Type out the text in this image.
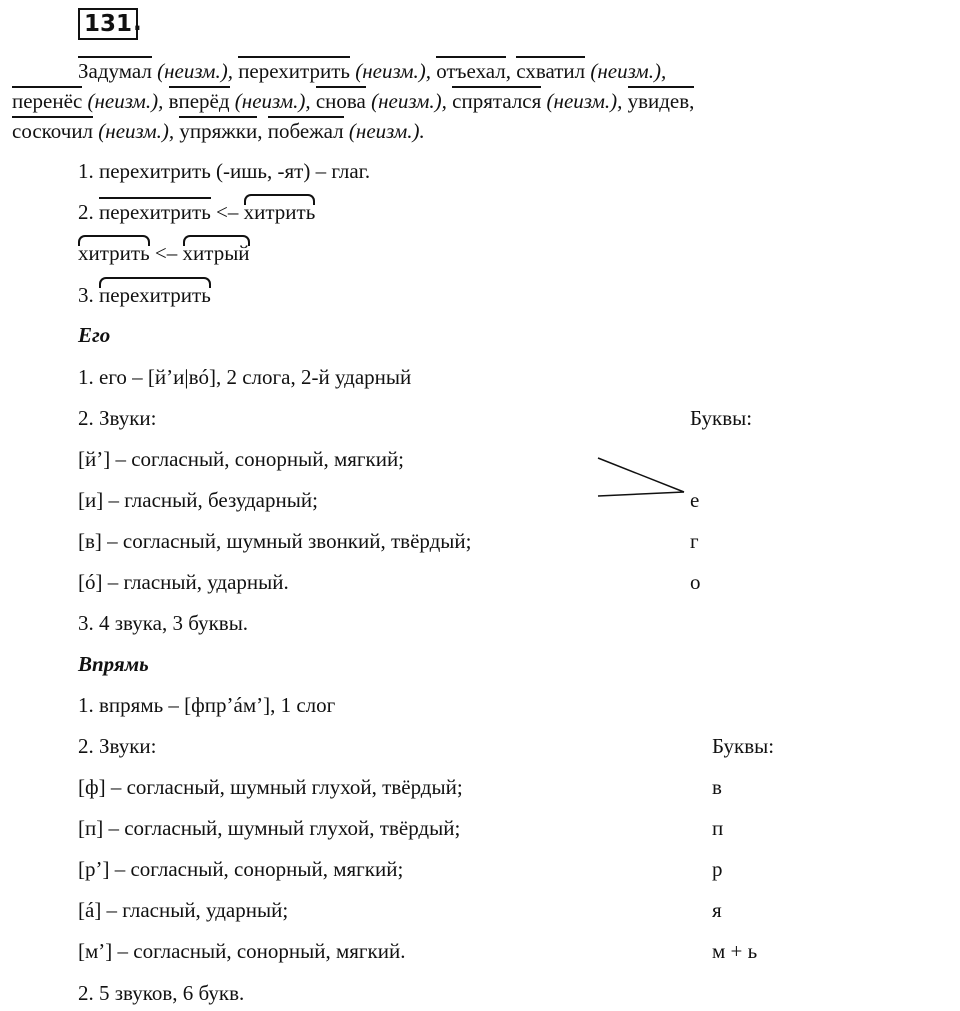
131 .
Задумал (неизм.), перехитрить (неизм.), отъехал, схватил (неизм.),
перенёс (неизм.), вперёд (неизм.), снова (неизм.), спрятался (неизм.), увидев,
соскочил (неизм.), упряжки, побежал (неизм.).
1. перехитрить (-ишь, -ят) – глаг.
2. перехитрить <– хитрить
хитрить <– хитрый
3. перехитрить
Его
1. его – [й’и|вó], 2 слога, 2-й ударный
2. Звуки:	Буквы:
[й’] – согласный, сонорный, мягкий;
[и] – гласный, безударный;
[в] – согласный, шумный звонкий, твёрдый;
[ó] – гласный, ударный.
е
г
о
3. 4 звука, 3 буквы.
Впрямь
1. впрямь – [фпр’áм’], 1 слог
2. Звуки:	Буквы:
[ф] – согласный, шумный глухой, твёрдый;
[п] – согласный, шумный глухой, твёрдый;
[р’] – согласный, сонорный, мягкий;
[á] – гласный, ударный;
[м’] – согласный, сонорный, мягкий.
в
п
р
я
м + ь
2. 5 звуков, 6 букв.
